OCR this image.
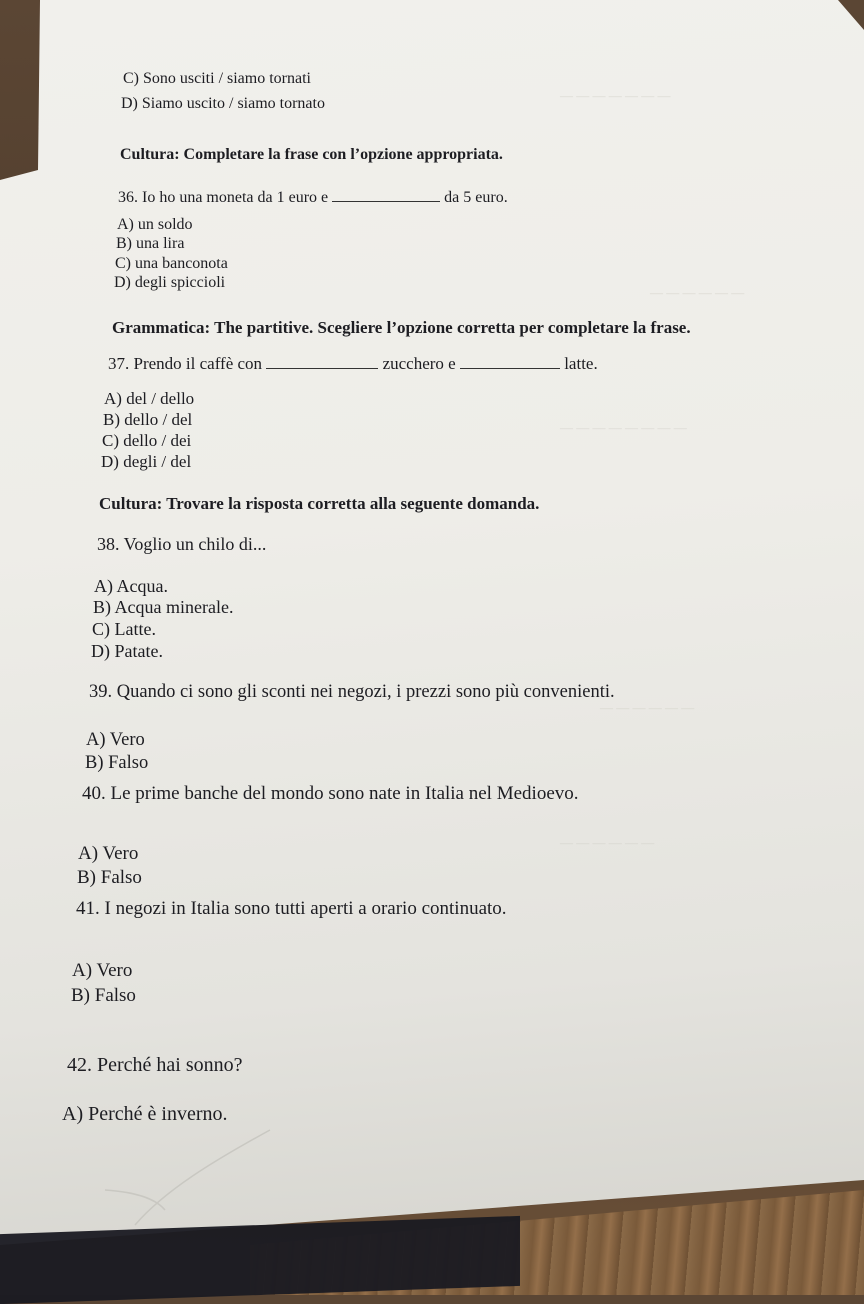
— — — — — — —
— — — — — —
— — — — — — — —
— — — — — —
— — — — — —
C) Sono usciti / siamo tornati
D) Siamo uscito / siamo tornato
Cultura: Completare la frase con l’opzione appropriata.
36. Io ho una moneta da 1 euro e	da 5 euro.
A) un soldo
B) una lira
C) una banconota
D) degli spiccioli
Grammatica: The partitive. Scegliere l’opzione corretta per completare la frase.
37. Prendo il caffè con	zucchero e	latte.
A) del / dello
B) dello / del
C) dello / dei
D) degli / del
Cultura: Trovare la risposta corretta alla seguente domanda.
38. Voglio un chilo di...
A) Acqua.
B) Acqua minerale.
C) Latte.
D) Patate.
39. Quando ci sono gli sconti nei negozi, i prezzi sono più convenienti.
A) Vero
B) Falso
40. Le prime banche del mondo sono nate in Italia nel Medioevo.
A) Vero
B) Falso
41. I negozi in Italia sono tutti aperti a orario continuato.
A) Vero
B) Falso
42. Perché hai sonno?
A) Perché è inverno.
